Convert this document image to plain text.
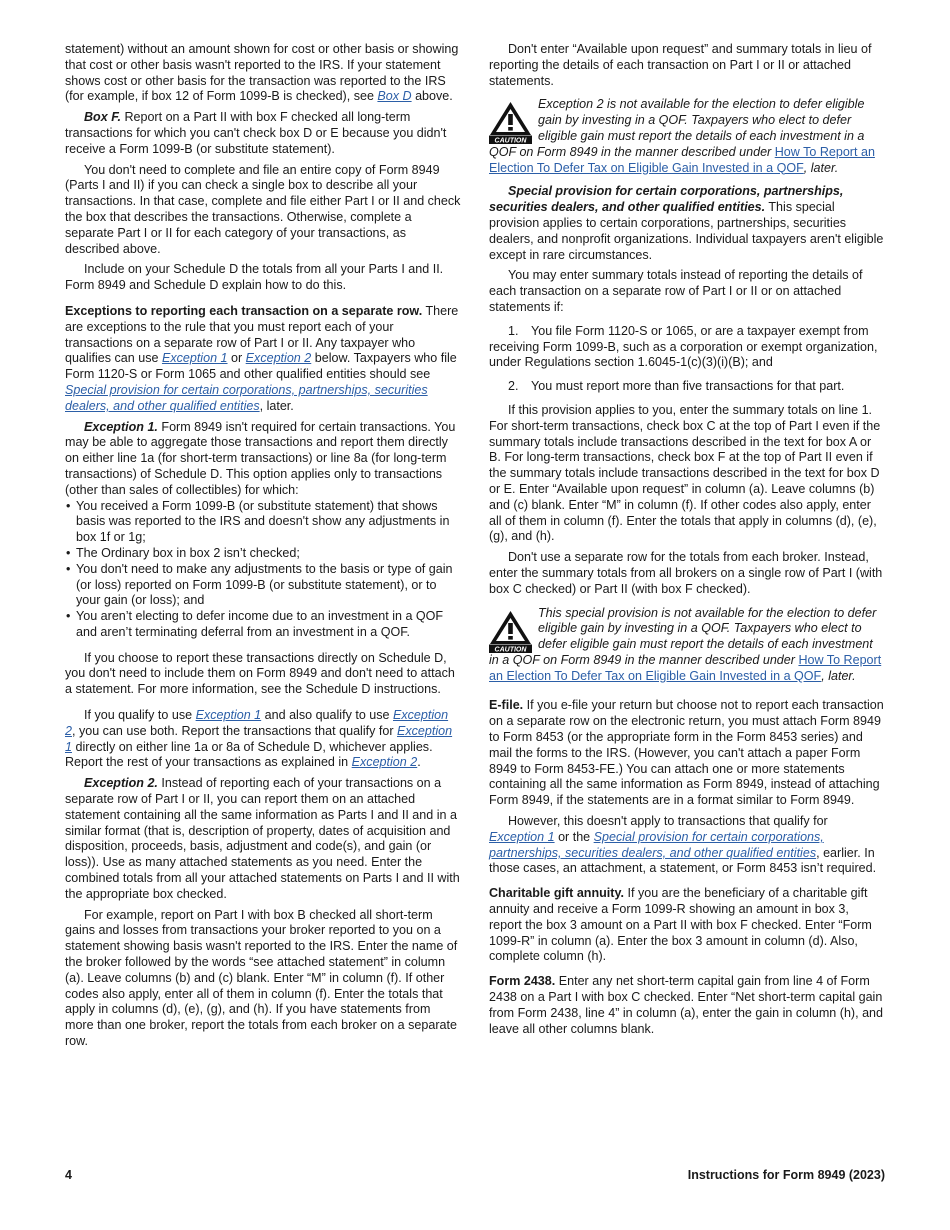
statement) without an amount shown for cost or other basis or showing that cost or other basis wasn't reported to the IRS. If your statement shows cost or other basis for the transaction was reported to the IRS (for example, if box 12 of Form 1099-B is checked), see Box D above.

Box F. Report on a Part II with box F checked all long-term transactions for which you can't check box D or E because you didn't receive a Form 1099-B (or substitute statement).

You don't need to complete and file an entire copy of Form 8949 (Parts I and II) if you can check a single box to describe all your transactions. In that case, complete and file either Part I or II and check the box that describes the transactions. Otherwise, complete a separate Part I or II for each category of your transactions, as described above.

Include on your Schedule D the totals from all your Parts I and II. Form 8949 and Schedule D explain how to do this.

Exceptions to reporting each transaction on a separate row. There are exceptions to the rule that you must report each of your transactions on a separate row of Part I or II. Any taxpayer who qualifies can use Exception 1 or Exception 2 below. Taxpayers who file Form 1120-S or Form 1065 and other qualified entities should see Special provision for certain corporations, partnerships, securities dealers, and other qualified entities, later.

Exception 1. Form 8949 isn't required for certain transactions. You may be able to aggregate those transactions and report them directly on either line 1a (for short-term transactions) or line 8a (for long-term transactions) of Schedule D. This option applies only to transactions (other than sales of collectibles) for which:

• You received a Form 1099-B (or substitute statement) that shows basis was reported to the IRS and doesn't show any adjustments in box 1f or 1g;
• The Ordinary box in box 2 isn’t checked;
• You don't need to make any adjustments to the basis or type of gain (or loss) reported on Form 1099-B (or substitute statement), or to your gain (or loss); and
• You aren’t electing to defer income due to an investment in a QOF and aren’t terminating deferral from an investment in a QOF.

If you choose to report these transactions directly on Schedule D, you don't need to include them on Form 8949 and don't need to attach a statement. For more information, see the Schedule D instructions.

If you qualify to use Exception 1 and also qualify to use Exception 2, you can use both. Report the transactions that qualify for Exception 1 directly on either line 1a or 8a of Schedule D, whichever applies. Report the rest of your transactions as explained in Exception 2.

Exception 2. Instead of reporting each of your transactions on a separate row of Part I or II, you can report them on an attached statement containing all the same information as Parts I and II and in a similar format (that is, description of property, dates of acquisition and disposition, proceeds, basis, adjustment and code(s), and gain (or loss)). Use as many attached statements as you need. Enter the combined totals from all your attached statements on Parts I and II with the appropriate box checked.

For example, report on Part I with box B checked all short-term gains and losses from transactions your broker reported to you on a statement showing basis wasn't reported to the IRS. Enter the name of the broker followed by the words “see attached statement” in column (a). Leave columns (b) and (c) blank. Enter “M” in column (f). If other codes also apply, enter all of them in column (f). Enter the totals that apply in columns (d), (e), (g), and (h). If you have statements from more than one broker, report the totals from each broker on a separate row.

Don't enter “Available upon request” and summary totals in lieu of reporting the details of each transaction on Part I or II or attached statements.

CAUTION
Exception 2 is not available for the election to defer eligible gain by investing in a QOF. Taxpayers who elect to defer eligible gain must report the details of each investment in a QOF on Form 8949 in the manner described under How To Report an Election To Defer Tax on Eligible Gain Invested in a QOF, later.

Special provision for certain corporations, partnerships, securities dealers, and other qualified entities. This special provision applies to certain corporations, partnerships, securities dealers, and nonprofit organizations. Individual taxpayers aren't eligible except in rare circumstances.

You may enter summary totals instead of reporting the details of each transaction on a separate row of Part I or II or on attached statements if:

1. You file Form 1120-S or 1065, or are a taxpayer exempt from receiving Form 1099-B, such as a corporation or exempt organization, under Regulations section 1.6045-1(c)(3)(i)(B); and

2. You must report more than five transactions for that part.

If this provision applies to you, enter the summary totals on line 1. For short-term transactions, check box C at the top of Part I even if the summary totals include transactions described in the text for box A or B. For long-term transactions, check box F at the top of Part II even if the summary totals include transactions described in the text for box D or E. Enter “Available upon request” in column (a). Leave columns (b) and (c) blank. Enter “M” in column (f). If other codes also apply, enter all of them in column (f). Enter the totals that apply in columns (d), (e), (g), and (h).

Don't use a separate row for the totals from each broker. Instead, enter the summary totals from all brokers on a single row of Part I (with box C checked) or Part II (with box F checked).

CAUTION
This special provision is not available for the election to defer eligible gain by investing in a QOF. Taxpayers who elect to defer eligible gain must report the details of each investment in a QOF on Form 8949 in the manner described under How To Report an Election To Defer Tax on Eligible Gain Invested in a QOF, later.

E-file. If you e-file your return but choose not to report each transaction on a separate row on the electronic return, you must attach Form 8949 to Form 8453 (or the appropriate form in the Form 8453 series) and mail the forms to the IRS. (However, you can't attach a paper Form 8949 to Form 8453-FE.) You can attach one or more statements containing all the same information as Form 8949, instead of attaching Form 8949, if the statements are in a format similar to Form 8949.

However, this doesn't apply to transactions that qualify for Exception 1 or the Special provision for certain corporations, partnerships, securities dealers, and other qualified entities, earlier. In those cases, an attachment, a statement, or Form 8453 isn’t required.

Charitable gift annuity. If you are the beneficiary of a charitable gift annuity and receive a Form 1099-R showing an amount in box 3, report the box 3 amount on a Part II with box F checked. Enter “Form 1099-R” in column (a). Enter the box 3 amount in column (d). Also, complete column (h).

Form 2438. Enter any net short-term capital gain from line 4 of Form 2438 on a Part I with box C checked. Enter “Net short-term capital gain from Form 2438, line 4” in column (a), enter the gain in column (h), and leave all other columns blank.

4	Instructions for Form 8949 (2023)
